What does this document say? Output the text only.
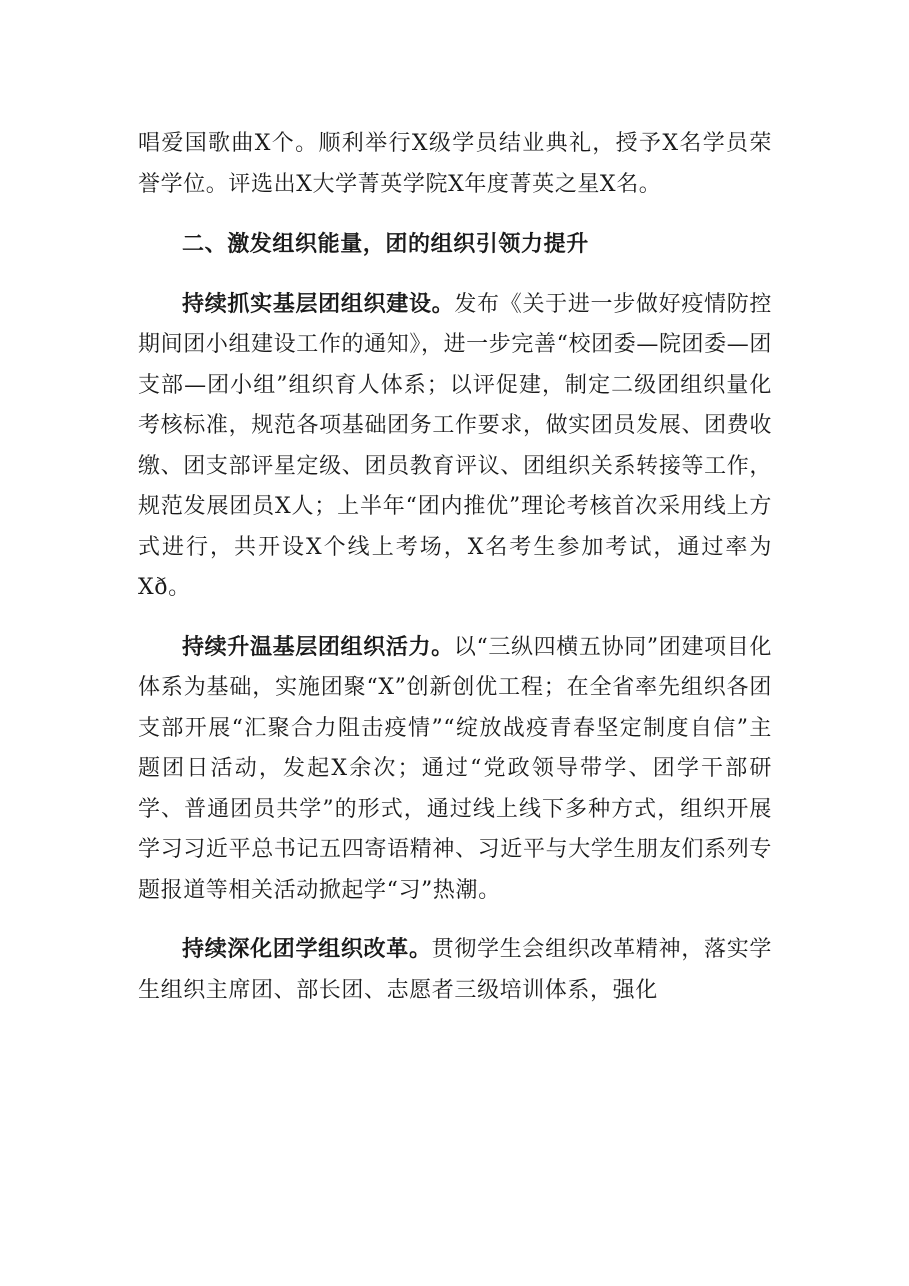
唱爱国歌曲X个。顺利举行X级学员结业典礼，授予X名学员荣誉学位。评选出X大学菁英学院X年度菁英之星X名。

二、激发组织能量，团的组织引领力提升

持续抓实基层团组织建设。发布《关于进一步做好疫情防控期间团小组建设工作的通知》，进一步完善“校团委—院团委—团支部—团小组”组织育人体系；以评促建，制定二级团组织量化考核标准，规范各项基础团务工作要求，做实团员发展、团费收缴、团支部评星定级、团员教育评议、团组织关系转接等工作，规范发展团员X人；上半年“团内推优”理论考核首次采用线上方式进行，共开设X个线上考场，X名考生参加考试，通过率为Xð。

持续升温基层团组织活力。以“三纵四横五协同”团建项目化体系为基础，实施团聚“X”创新创优工程；在全省率先组织各团支部开展“汇聚合力阻击疫情”“绽放战疫青春坚定制度自信”主题团日活动，发起X余次；通过“党政领导带学、团学干部研学、普通团员共学”的形式，通过线上线下多种方式，组织开展学习习近平总书记五四寄语精神、习近平与大学生朋友们系列专题报道等相关活动掀起学“习”热潮。

持续深化团学组织改革。贯彻学生会组织改革精神，落实学生组织主席团、部长团、志愿者三级培训体系，强化
